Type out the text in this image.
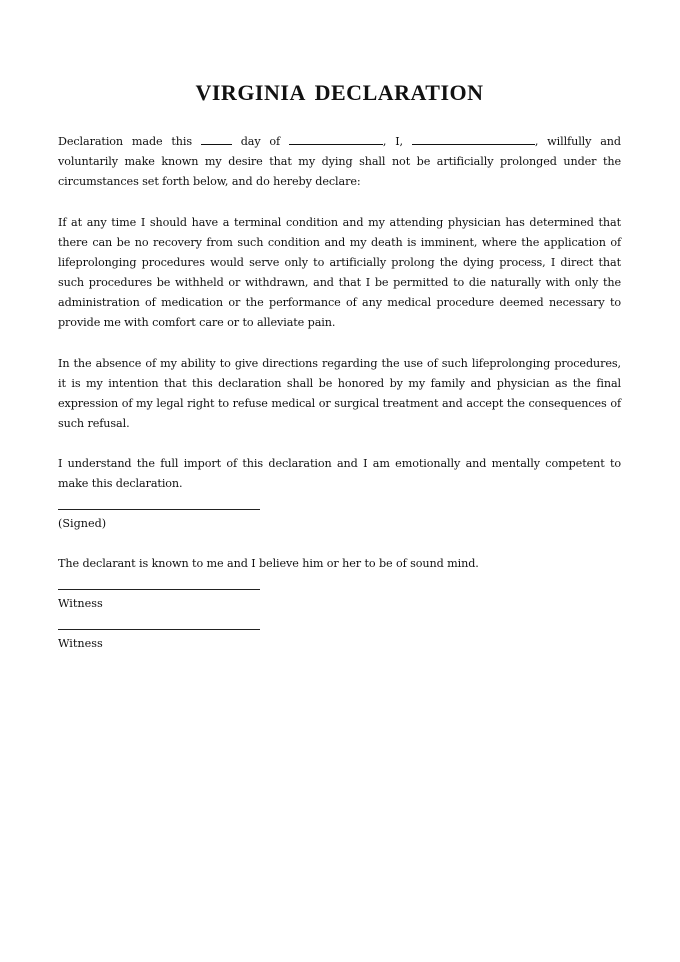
VIRGINIA DECLARATION

Declaration made this	day of	, I,	, willfully and voluntarily make known my desire that my dying shall not be artificially prolonged under the circumstances set forth below, and do hereby declare:

If at any time I should have a terminal condition and my attending physician has determined that there can be no recovery from such condition and my death is imminent, where the application of lifeprolonging procedures would serve only to artificially prolong the dying process, I direct that such procedures be withheld or withdrawn, and that I be permitted to die naturally with only the administration of medication or the performance of any medical procedure deemed necessary to provide me with comfort care or to alleviate pain.

In the absence of my ability to give directions regarding the use of such lifeprolonging procedures, it is my intention that this declaration shall be honored by my family and physician as the final expression of my legal right to refuse medical or surgical treatment and accept the consequences of such refusal.

I understand the full import of this declaration and I am emotionally and mentally competent to make this declaration.

(Signed)

The declarant is known to me and I believe him or her to be of sound mind.

Witness
Witness
